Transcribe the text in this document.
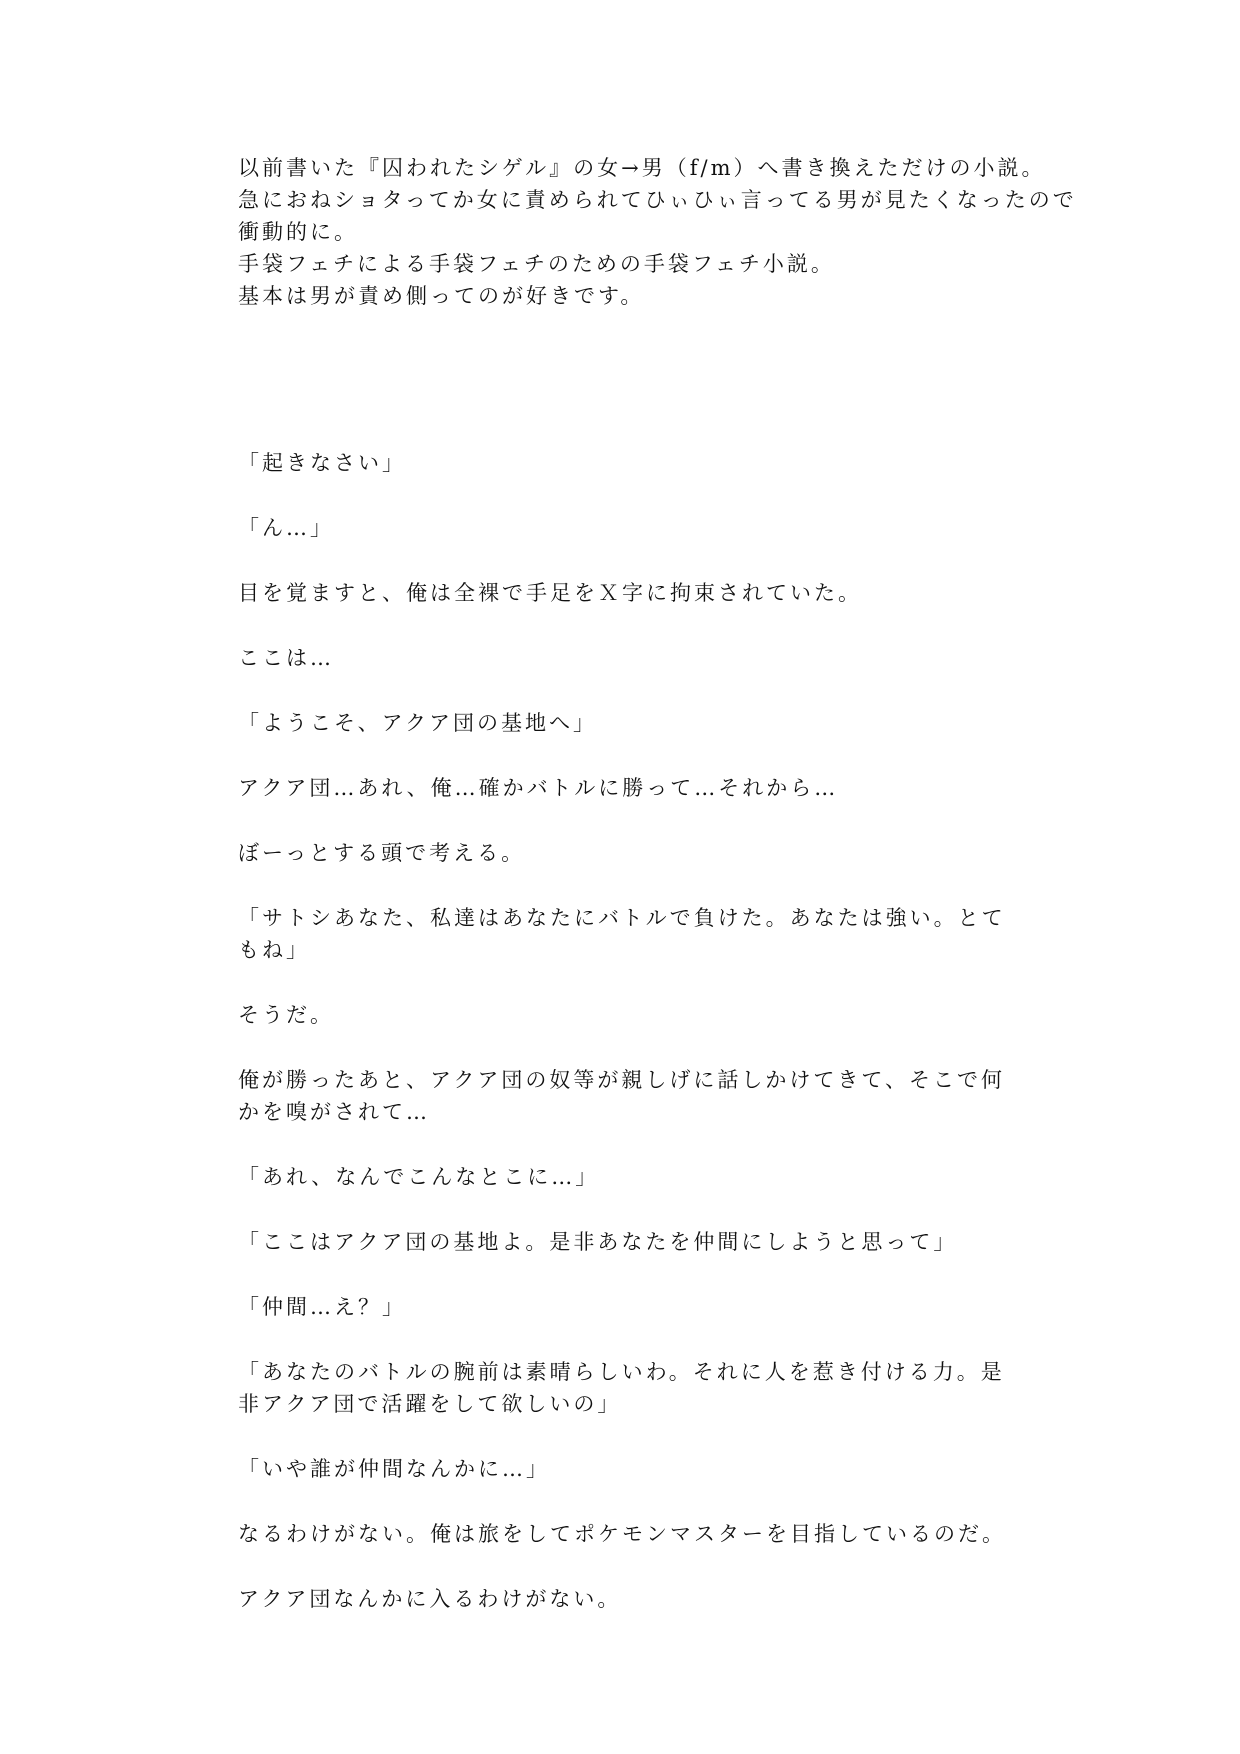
以前書いた『囚われたシゲル』の女→男（f/m）へ書き換えただけの小説。
急におねショタってか女に責められてひぃひぃ言ってる男が見たくなったので
衝動的に。
手袋フェチによる手袋フェチのための手袋フェチ小説。
基本は男が責め側ってのが好きです。
「起きなさい」
「ん…」
目を覚ますと、俺は全裸で手足をＸ字に拘束されていた。
ここは…
「ようこそ、アクア団の基地へ」
アクア団…あれ、俺…確かバトルに勝って…それから…
ぼーっとする頭で考える。
「サトシあなた、私達はあなたにバトルで負けた。あなたは強い。とてもね」
そうだ。
俺が勝ったあと、アクア団の奴等が親しげに話しかけてきて、そこで何かを嗅がされて…
「あれ、なんでこんなとこに…」
「ここはアクア団の基地よ。是非あなたを仲間にしようと思って」
「仲間…え？」
「あなたのバトルの腕前は素晴らしいわ。それに人を惹き付ける力。是非アクア団で活躍をして欲しいの」
「いや誰が仲間なんかに…」
なるわけがない。俺は旅をしてポケモンマスターを目指しているのだ。
アクア団なんかに入るわけがない。
